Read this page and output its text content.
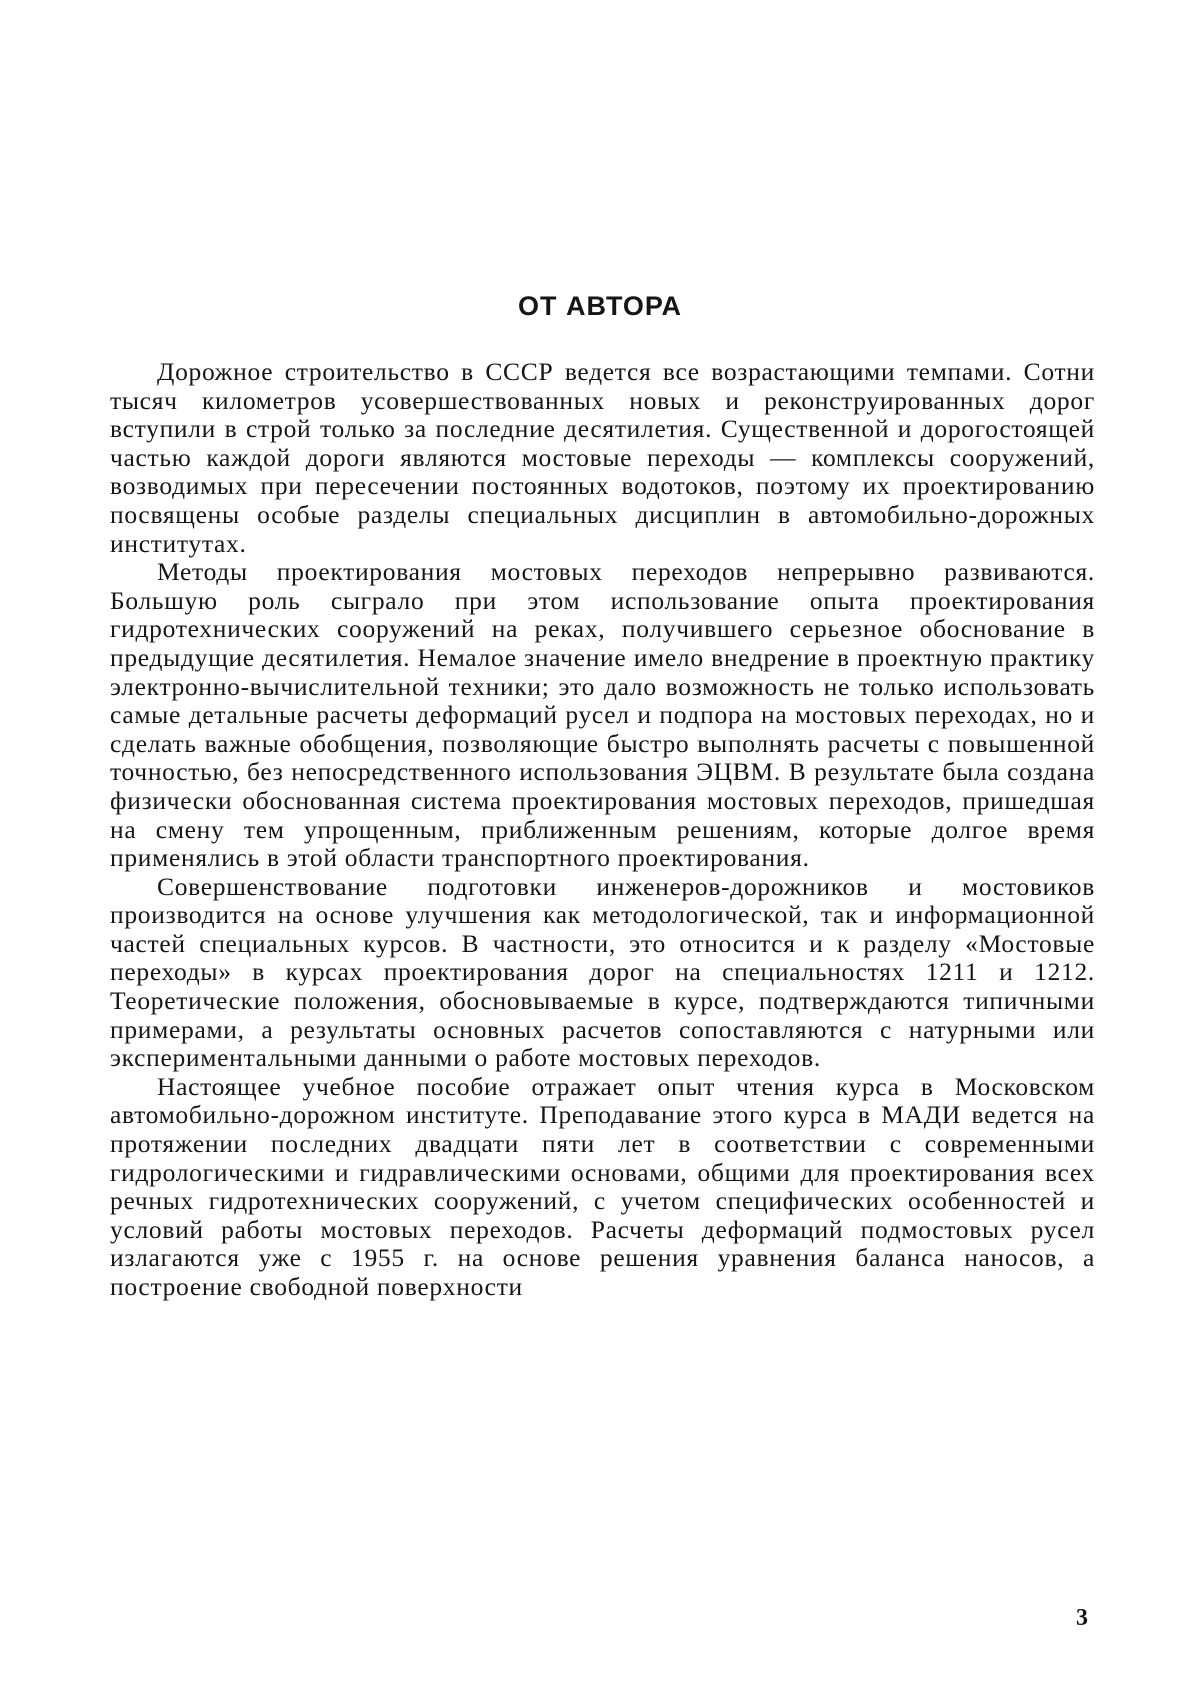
ОТ АВТОРА

Дорожное строительство в СССР ведется все возрастающими темпами. Сотни тысяч километров усовершествованных новых и реконструированных дорог вступили в строй только за последние десятилетия. Существенной и дорогостоящей частью каждой дороги являются мостовые переходы — комплексы сооружений, возводимых при пересечении постоянных водотоков, поэтому их проектированию посвящены особые разделы специальных дисциплин в автомобильно-дорожных институтах.

Методы проектирования мостовых переходов непрерывно развиваются. Большую роль сыграло при этом использование опыта проектирования гидротехнических сооружений на реках, получившего серьезное обоснование в предыдущие десятилетия. Немалое значение имело внедрение в проектную практику электронно-вычислительной техники; это дало возможность не только использовать самые детальные расчеты деформаций русел и подпора на мостовых переходах, но и сделать важные обобщения, позволяющие быстро выполнять расчеты с повышенной точностью, без непосредственного использования ЭЦВМ. В результате была создана физически обоснованная система проектирования мостовых переходов, пришедшая на смену тем упрощенным, приближенным решениям, которые долгое время применялись в этой области транспортного проектирования.

Совершенствование подготовки инженеров-дорожников и мостовиков производится на основе улучшения как методологической, так и информационной частей специальных курсов. В частности, это относится и к разделу «Мостовые переходы» в курсах проектирования дорог на специальностях 1211 и 1212. Теоретические положения, обосновываемые в курсе, подтверждаются типичными примерами, а результаты основных расчетов сопоставляются с натурными или экспериментальными данными о работе мостовых переходов.

Настоящее учебное пособие отражает опыт чтения курса в Московском автомобильно-дорожном институте. Преподавание этого курса в МАДИ ведется на протяжении последних двадцати пяти лет в соответствии с современными гидрологическими и гидравлическими основами, общими для проектирования всех речных гидротехнических сооружений, с учетом специфических особенностей и условий работы мостовых переходов. Расчеты деформаций подмостовых русел излагаются уже с 1955 г. на основе решения уравнения баланса наносов, а построение свободной поверхности

3
